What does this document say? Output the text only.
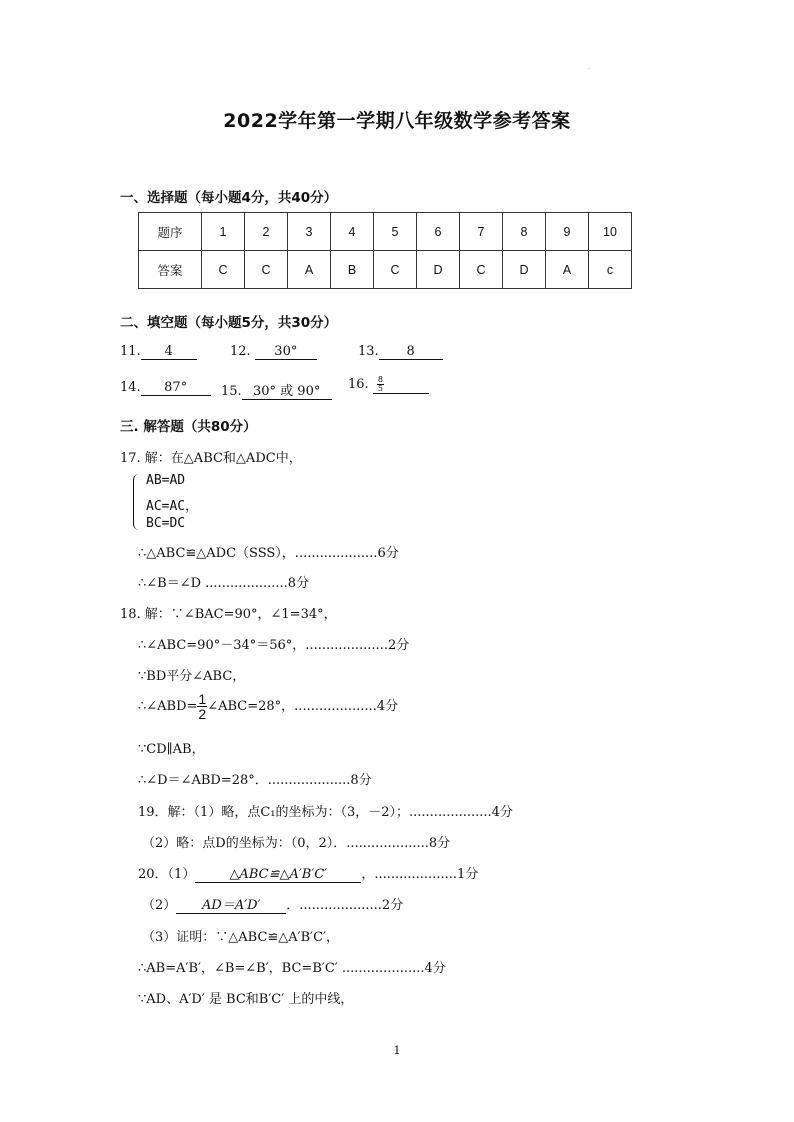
·
2022学年第一学期八年级数学参考答案
一、选择题（每小题4分，共40分）
题序	1	2	3	4	5	6	7	8	9	10
答案	C	C	A	B	C	D	C	D	A	c
二、填空题（每小题5分，共30分）
11. 4	12. 30°	13. 8
14. 87°	15. 30° 或 90°	16. $\frac{8}{5}$
三. 解答题（共80分）
17. 解：在△ABC和△ADC中，
AB=AD
AC=AC，
BC=DC
∴△ABC≌△ADC（SSS），....................6分
∴∠B＝∠D ....................8分
18. 解：∵∠BAC=90°，∠1=34°，
∴∠ABC=90°－34°＝56°，....................2分
∵BD平分∠ABC，
∴∠ABD= $\frac{1}{2}$ ∠ABC=28°，....................4分
∵CD∥AB，
∴∠D＝∠ABD=28°．....................8分
19．解：（1）略，点C₁的坐标为：（3，－2）；....................4分
（2）略：点D的坐标为：（0，2）．....................8分
20．（1）	△ABC≌△A′B′C′	，....................1分
（2） AD＝A′D′ ．....................2分
（3）证明：∵△ABC≌△A′B′C′，
∴AB=A′B′，∠B=∠B′，BC=B′C′ ....................4分
∵AD、A′D′ 是 BC和B′C′ 上的中线，
1
